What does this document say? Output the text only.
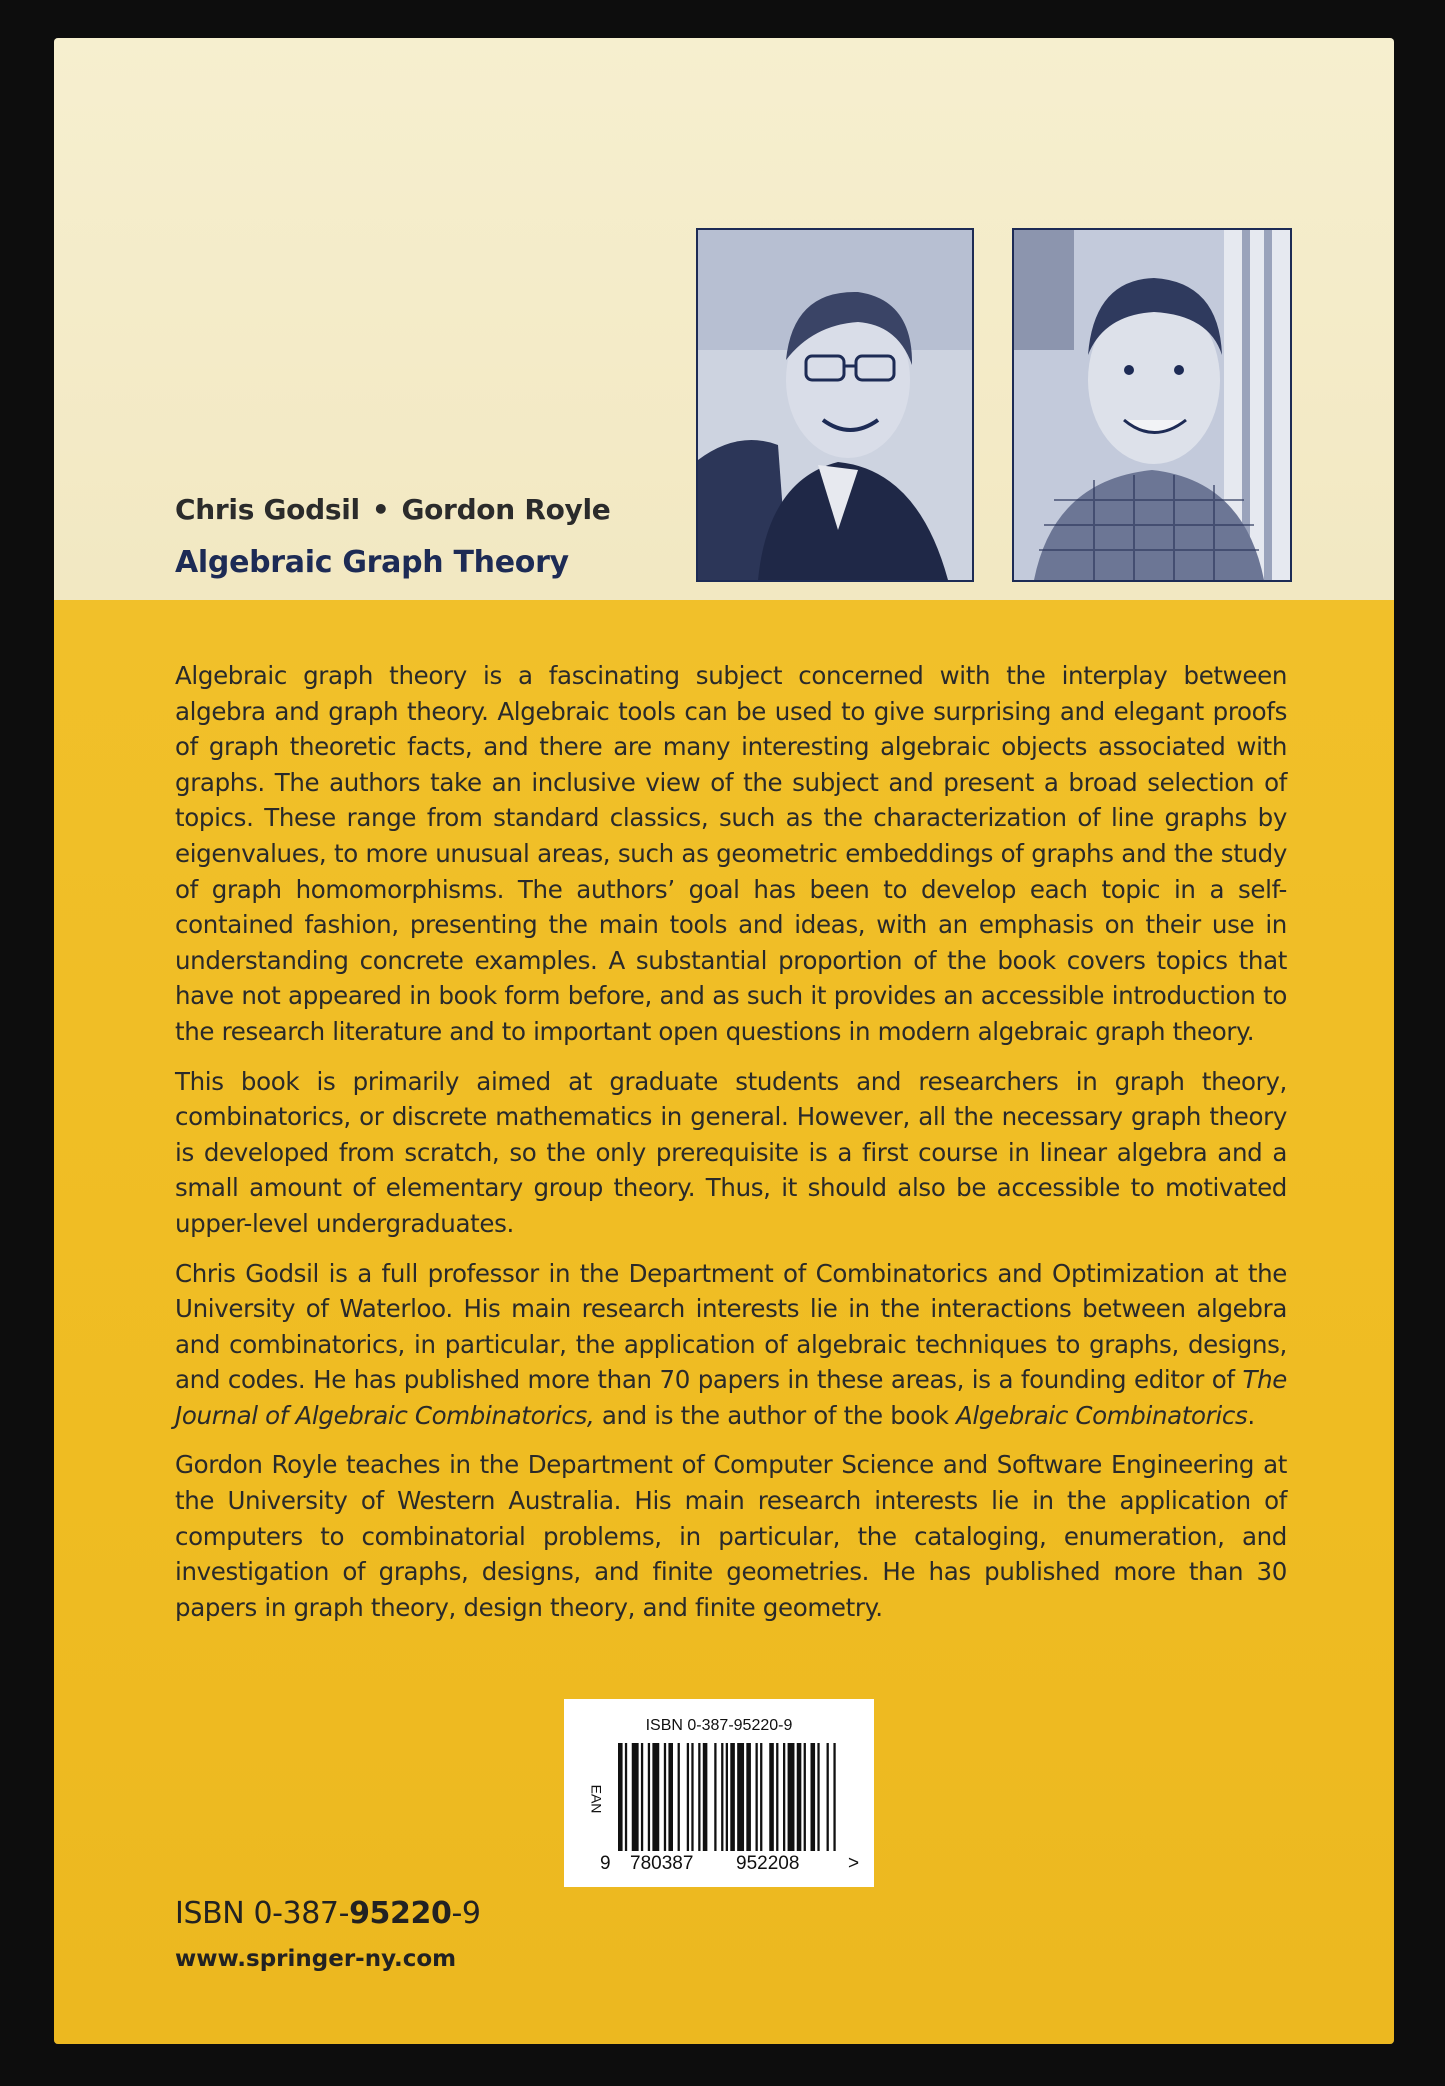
Chris Godsil • Gordon Royle
Algebraic Graph Theory

Algebraic graph theory is a fascinating subject concerned with the interplay between algebra and graph theory. Algebraic tools can be used to give surprising and elegant proofs of graph theoretic facts, and there are many interesting algebraic objects associated with graphs. The authors take an inclusive view of the subject and present a broad selection of topics. These range from standard classics, such as the characterization of line graphs by eigenvalues, to more unusual areas, such as geometric embeddings of graphs and the study of graph homomorphisms. The authors’ goal has been to develop each topic in a self-contained fashion, presenting the main tools and ideas, with an emphasis on their use in understanding concrete examples. A substantial proportion of the book covers topics that have not appeared in book form before, and as such it provides an accessible introduction to the research literature and to important open questions in modern algebraic graph theory.

This book is primarily aimed at graduate students and researchers in graph theory, combinatorics, or discrete mathematics in general. However, all the necessary graph theory is developed from scratch, so the only prerequisite is a first course in linear algebra and a small amount of elementary group theory. Thus, it should also be accessible to motivated upper-level undergraduates.

Chris Godsil is a full professor in the Department of Combinatorics and Optimization at the University of Waterloo. His main research interests lie in the interactions between algebra and combinatorics, in particular, the application of algebraic techniques to graphs, designs, and codes. He has published more than 70 papers in these areas, is a founding editor of The Journal of Algebraic Combinatorics, and is the author of the book Algebraic Combinatorics.

Gordon Royle teaches in the Department of Computer Science and Software Engineering at the University of Western Australia. His main research interests lie in the application of computers to combinatorial problems, in particular, the cataloging, enumeration, and investigation of graphs, designs, and finite geometries. He has published more than 30 papers in graph theory, design theory, and finite geometry.

ISBN 0-387-95220-9
EAN
9 780387 952208	>
ISBN 0-387-95220-9
www.springer-ny.com
